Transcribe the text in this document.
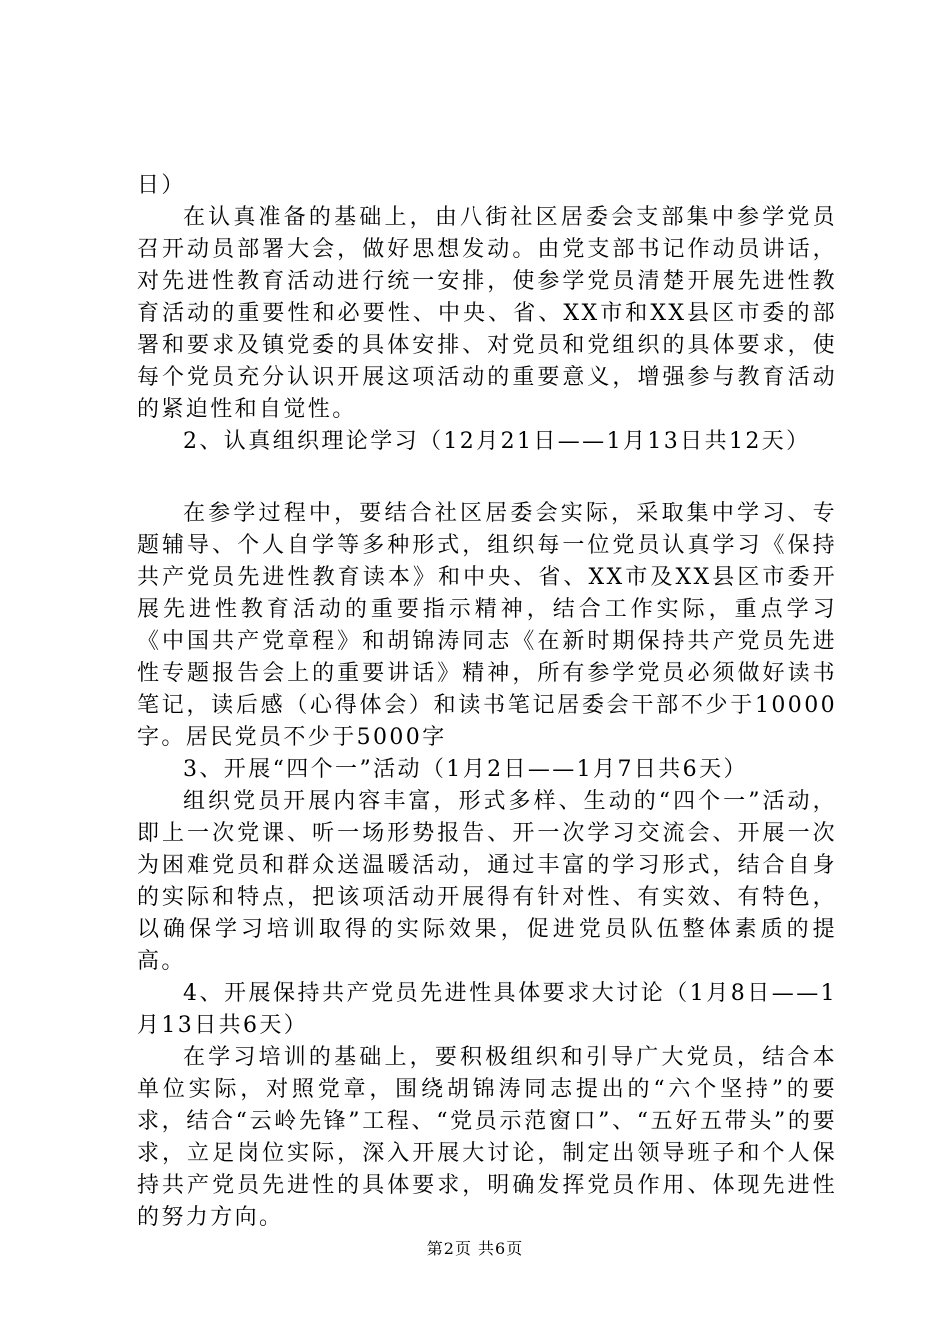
日）

在认真准备的基础上，由八街社区居委会支部集中参学党员召开动员部署大会，做好思想发动。由党支部书记作动员讲话，对先进性教育活动进行统一安排，使参学党员清楚开展先进性教育活动的重要性和必要性、中央、省、XX市和XX县区市委的部署和要求及镇党委的具体安排、对党员和党组织的具体要求，使每个党员充分认识开展这项活动的重要意义，增强参与教育活动的紧迫性和自觉性。

2、认真组织理论学习（12月21日——1月13日共12天）

在参学过程中，要结合社区居委会实际，采取集中学习、专题辅导、个人自学等多种形式，组织每一位党员认真学习《保持共产党员先进性教育读本》和中央、省、XX市及XX县区市委开展先进性教育活动的重要指示精神，结合工作实际，重点学习《中国共产党章程》和胡锦涛同志《在新时期保持共产党员先进性专题报告会上的重要讲话》精神，所有参学党员必须做好读书笔记，读后感（心得体会）和读书笔记居委会干部不少于10000字。居民党员不少于5000字

3、开展“四个一”活动（1月2日——1月7日共6天）

组织党员开展内容丰富，形式多样、生动的“四个一”活动，即上一次党课、听一场形势报告、开一次学习交流会、开展一次为困难党员和群众送温暖活动，通过丰富的学习形式，结合自身的实际和特点，把该项活动开展得有针对性、有实效、有特色，以确保学习培训取得的实际效果，促进党员队伍整体素质的提高。

4、开展保持共产党员先进性具体要求大讨论（1月8日——1月13日共6天）

在学习培训的基础上，要积极组织和引导广大党员，结合本单位实际，对照党章，围绕胡锦涛同志提出的“六个坚持”的要求，结合“云岭先锋”工程、“党员示范窗口”、“五好五带头”的要求，立足岗位实际，深入开展大讨论，制定出领导班子和个人保持共产党员先进性的具体要求，明确发挥党员作用、体现先进性的努力方向。

第2页 共6页
